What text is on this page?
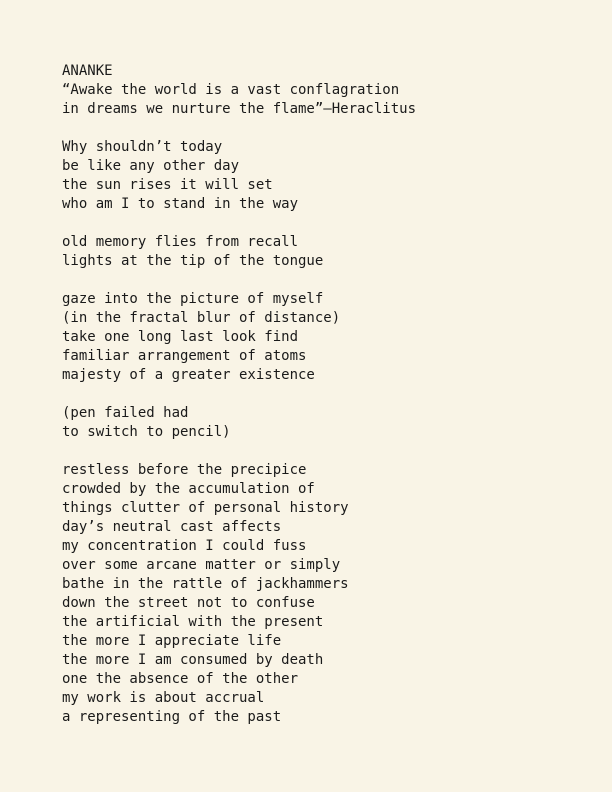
ANANKE
“Awake the world is a vast conflagration
in dreams we nurture the flame”—Heraclitus
Why shouldn’t today
be like any other day
the sun rises it will set
who am I to stand in the way
old memory flies from recall
lights at the tip of the tongue
gaze into the picture of myself
(in the fractal blur of distance)
take one long last look find
familiar arrangement of atoms
majesty of a greater existence
(pen failed had
to switch to pencil)
restless before the precipice
crowded by the accumulation of
things clutter of personal history
day’s neutral cast affects
my concentration I could fuss
over some arcane matter or simply
bathe in the rattle of jackhammers
down the street not to confuse
the artificial with the present
the more I appreciate life
the more I am consumed by death
one the absence of the other
my work is about accrual
a representing of the past
